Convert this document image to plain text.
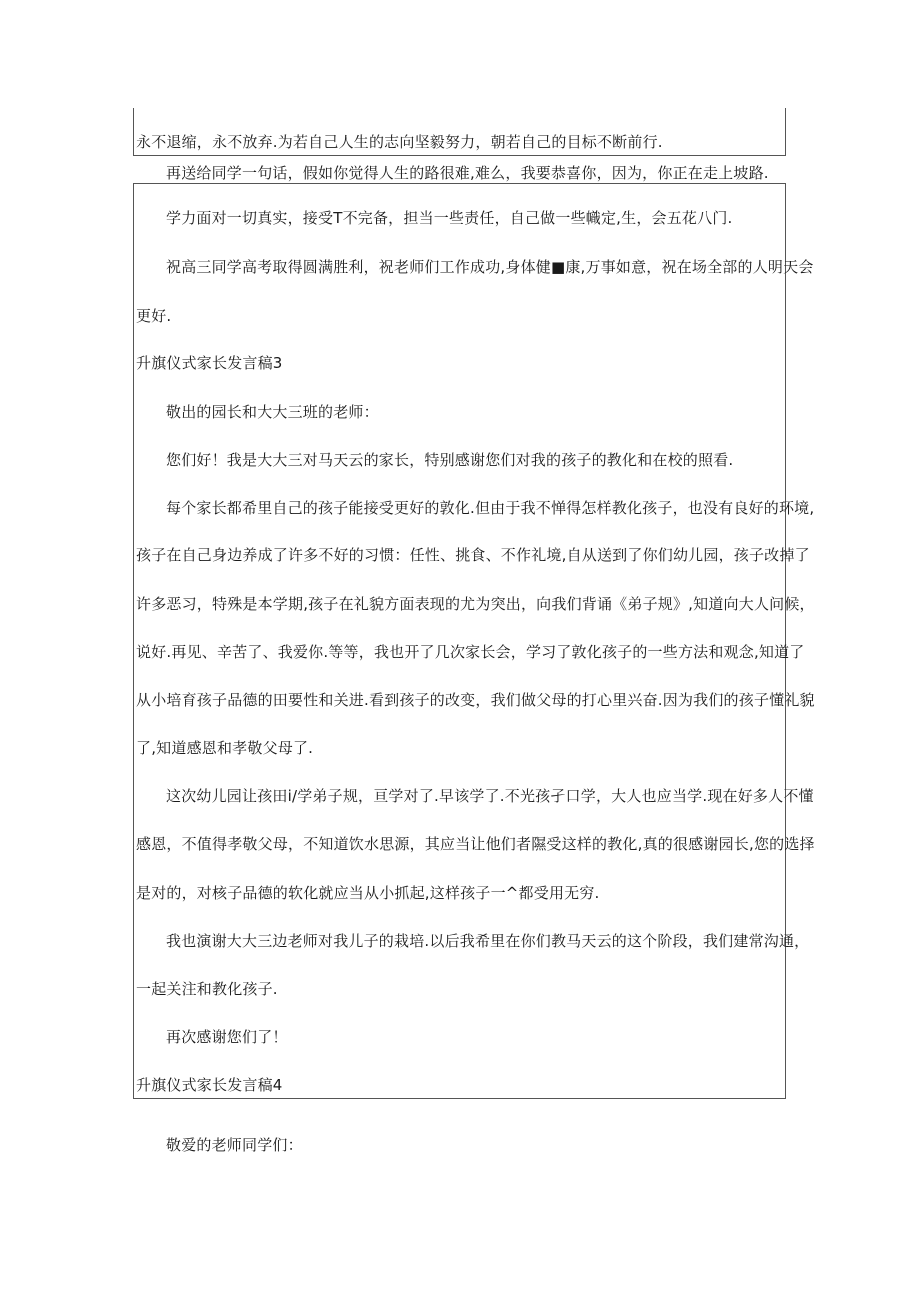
永不退缩，永不放弃.为若自己人生的志向坚毅努力，朝若自己的目标不断前行.
再送给同学一句话，假如你觉得人生的路很难,难么，我要恭喜你，因为，你正在走上坡路.
学力面对一切真实，接受T不完备，担当一些责任，自己做一些幟定,生，会五花八门.
祝高三同学高考取得圆满胜利，祝老师们工作成功,身体健■康,万事如意，祝在场全部的人明天会
更好.
升旗仪式家长发言稿3
敬出的园长和大大三班的老师：
您们好！我是大大三对马天云的家长，特别感谢您们对我的孩子的教化和在校的照看.
每个家长都希里自己的孩子能接受更好的敦化.但由于我不惮得怎样教化孩子，也没有良好的环境,
孩子在自己身边养成了许多不好的习惯：任性、挑食、不作礼境,自从送到了你们幼儿园，孩子改掉了
许多恶习，特殊是本学期,孩子在礼貌方面表现的尤为突出，向我们背诵《弟子规》,知道向大人问候，
说好.再见、辛苦了、我爱你.等等，我也开了几次家长会，学习了敦化孩子的一些方法和观念,知道了
从小培育孩子品德的田要性和关进.看到孩子的改变，我们做父母的打心里兴奋.因为我们的孩子懂礼貌
了,知道感恩和孝敬父母了.
这次幼儿园让孩田i/学弟子规，亘学对了.早该学了.不光孩孑口学，大人也应当学.现在好多人不懂
感恩，不值得孝敬父母，不知道饮水思源，其应当让他们者隰受这样的教化,真的很感谢园长,您的选择
是对的，对核子品德的软化就应当从小抓起,这样孩子一^都受用无穷.
我也演谢大大三边老师对我儿子的栽培.以后我希里在你们教马天云的这个阶段，我们建常沟通，
一起关注和教化孩子.
再次感谢您们了！
升旗仪式家长发言稿4
敬爱的老师同学们：
